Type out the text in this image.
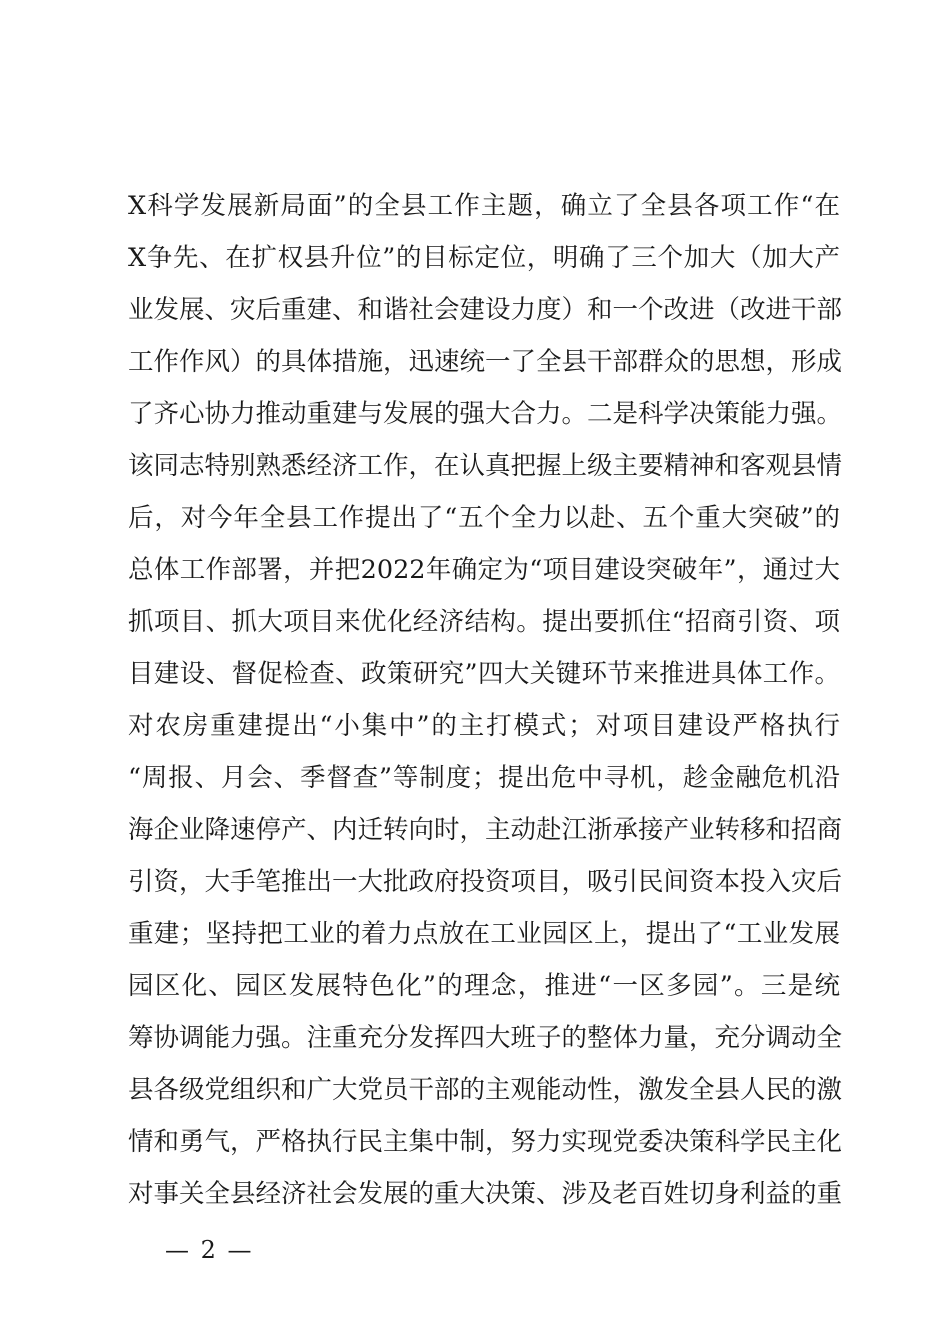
X科学发展新局面”的全县工作主题，确立了全县各项工作“在
X争先、在扩权县升位”的目标定位，明确了三个加大（加大产
业发展、灾后重建、和谐社会建设力度）和一个改进（改进干部
工作作风）的具体措施，迅速统一了全县干部群众的思想，形成
了齐心协力推动重建与发展的强大合力。二是科学决策能力强。
该同志特别熟悉经济工作，在认真把握上级主要精神和客观县情
后，对今年全县工作提出了“五个全力以赴、五个重大突破”的
总体工作部署，并把2022年确定为“项目建设突破年”，通过大
抓项目、抓大项目来优化经济结构。提出要抓住“招商引资、项
目建设、督促检查、政策研究”四大关键环节来推进具体工作。
对农房重建提出“小集中”的主打模式；对项目建设严格执行
“周报、月会、季督查”等制度；提出危中寻机，趁金融危机沿
海企业降速停产、内迁转向时，主动赴江浙承接产业转移和招商
引资，大手笔推出一大批政府投资项目，吸引民间资本投入灾后
重建；坚持把工业的着力点放在工业园区上，提出了“工业发展
园区化、园区发展特色化”的理念，推进“一区多园”。三是统
筹协调能力强。注重充分发挥四大班子的整体力量，充分调动全
县各级党组织和广大党员干部的主观能动性，激发全县人民的激
情和勇气，严格执行民主集中制，努力实现党委决策科学民主化
对事关全县经济社会发展的重大决策、涉及老百姓切身利益的重
— 2 —
